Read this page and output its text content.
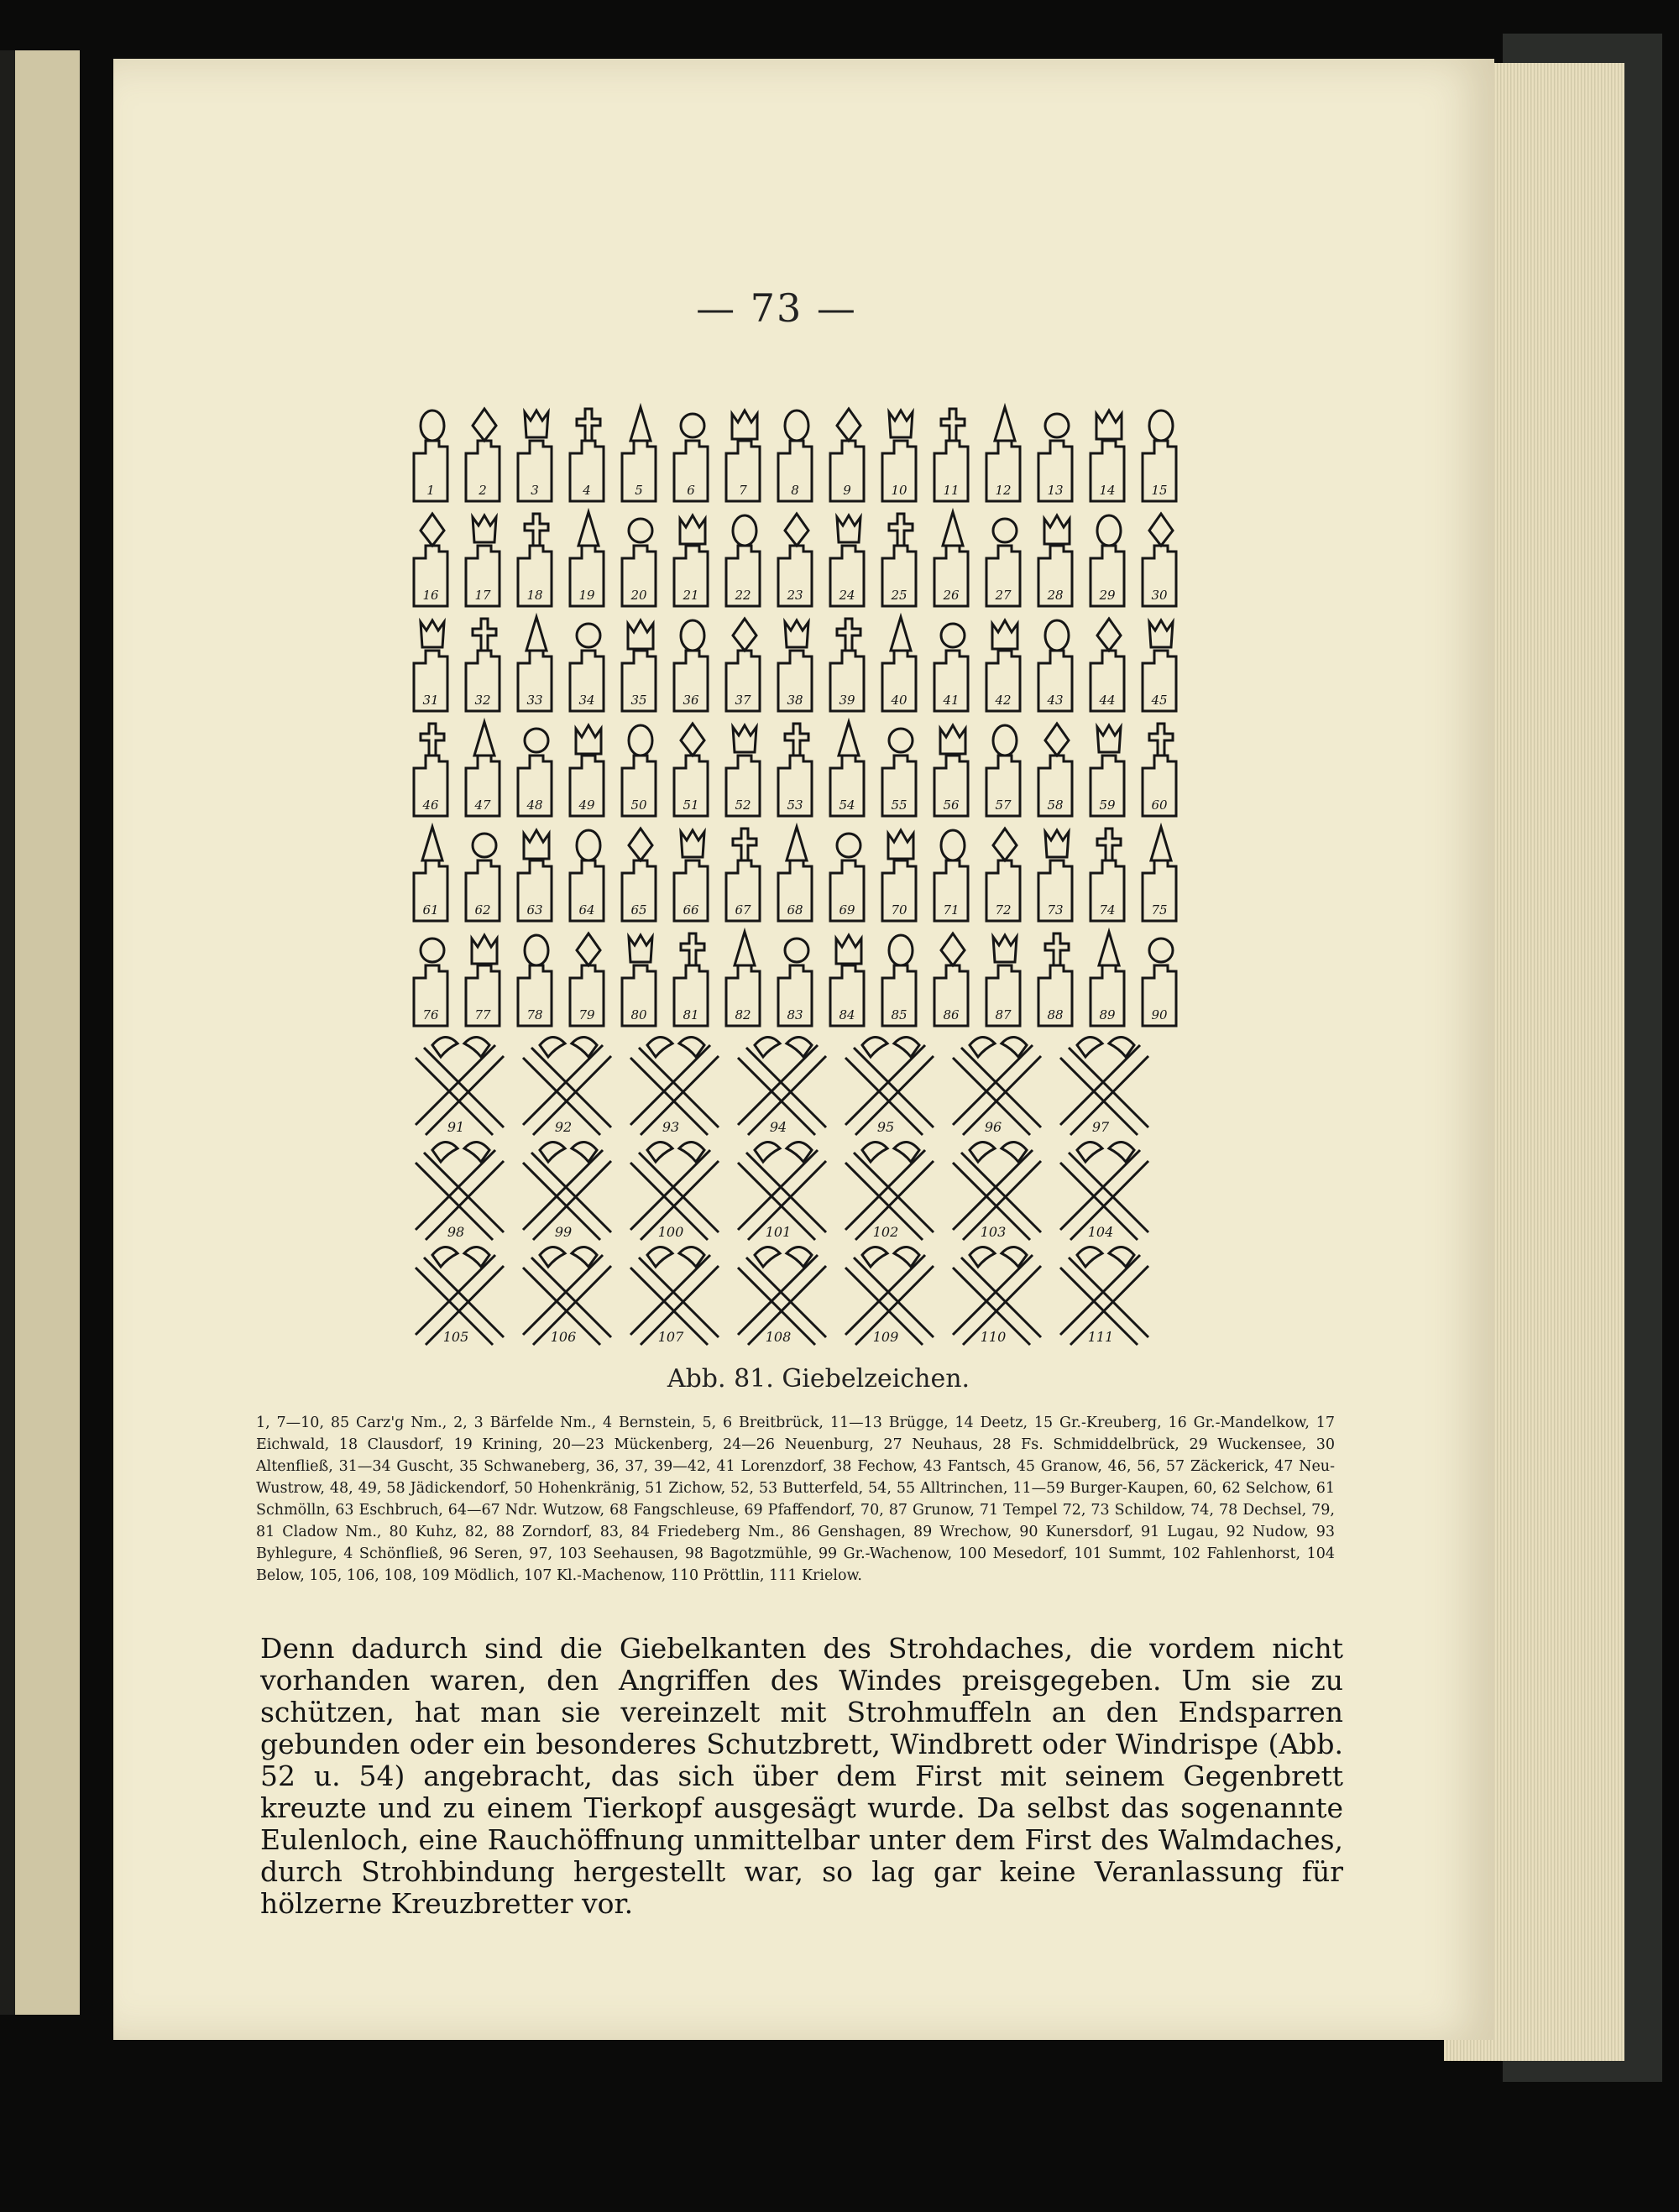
— 73 —
1	2	3	4	5	6	7	8	9	10	11	12	13	14	15
16	17	18	19	20	21	22	23	24	25	26	27	28	29	30
31	32	33	34	35	36	37	38	39	40	41	42	43	44	45
46	47	48	49	50	51	52	53	54	55	56	57	58	59	60
61	62	63	64	65	66	67	68	69	70	71	72	73	74	75
76	77	78	79	80	81	82	83	84	85	86	87	88	89	90
91	92	93	94	95	96	97
98	99	100	101	102	103	104
105	106	107	108	109	110	111
Abb. 81. Giebelzeichen.
1, 7—10, 85 Carz'g Nm., 2, 3 Bärfelde Nm., 4 Bernstein, 5, 6 Breitbrück, 11—13 Brügge, 14 Deetz, 15 Gr.-Kreuberg, 16 Gr.-Mandelkow, 17 Eichwald, 18 Clausdorf, 19 Krining, 20—23 Mückenberg, 24—26 Neuenburg, 27 Neuhaus, 28 Fs. Schmiddelbrück, 29 Wuckensee, 30 Altenfließ, 31—34 Guscht, 35 Schwaneberg, 36, 37, 39—42, 41 Lorenzdorf, 38 Fechow, 43 Fantsch, 45 Granow, 46, 56, 57 Zäckerick, 47 Neu-Wustrow, 48, 49, 58 Jädickendorf, 50 Hohenkränig, 51 Zichow, 52, 53 Butterfeld, 54, 55 Alltrinchen, 11—59 Burger-Kaupen, 60, 62 Selchow, 61 Schmölln, 63 Eschbruch, 64—67 Ndr. Wutzow, 68 Fangschleuse, 69 Pfaffendorf, 70, 87 Grunow, 71 Tempel 72, 73 Schildow, 74, 78 Dechsel, 79, 81 Cladow Nm., 80 Kuhz, 82, 88 Zorndorf, 83, 84 Friedeberg Nm., 86 Genshagen, 89 Wrechow, 90 Kunersdorf, 91 Lugau, 92 Nudow, 93 Byhlegure, 4 Schönfließ, 96 Seren, 97, 103 Seehausen, 98 Bagotzmühle, 99 Gr.-Wachenow, 100 Mesedorf, 101 Summt, 102 Fahlenhorst, 104 Below, 105, 106, 108, 109 Mödlich, 107 Kl.-Machenow, 110 Pröttlin, 111 Krielow.
Denn dadurch sind die Giebelkanten des Strohdaches, die vordem nicht vorhanden waren, den Angriffen des Windes preisgegeben. Um sie zu schützen, hat man sie vereinzelt mit Strohmuffeln an den Endsparren gebunden oder ein besonderes Schutzbrett, Windbrett oder Windrispe (Abb. 52 u. 54) angebracht, das sich über dem First mit seinem Gegenbrett kreuzte und zu einem Tierkopf ausgesägt wurde. Da selbst das sogenannte Eulenloch, eine Rauchöffnung unmittelbar unter dem First des Walmdaches, durch Strohbindung hergestellt war, so lag gar keine Veranlassung für hölzerne Kreuzbretter vor.
